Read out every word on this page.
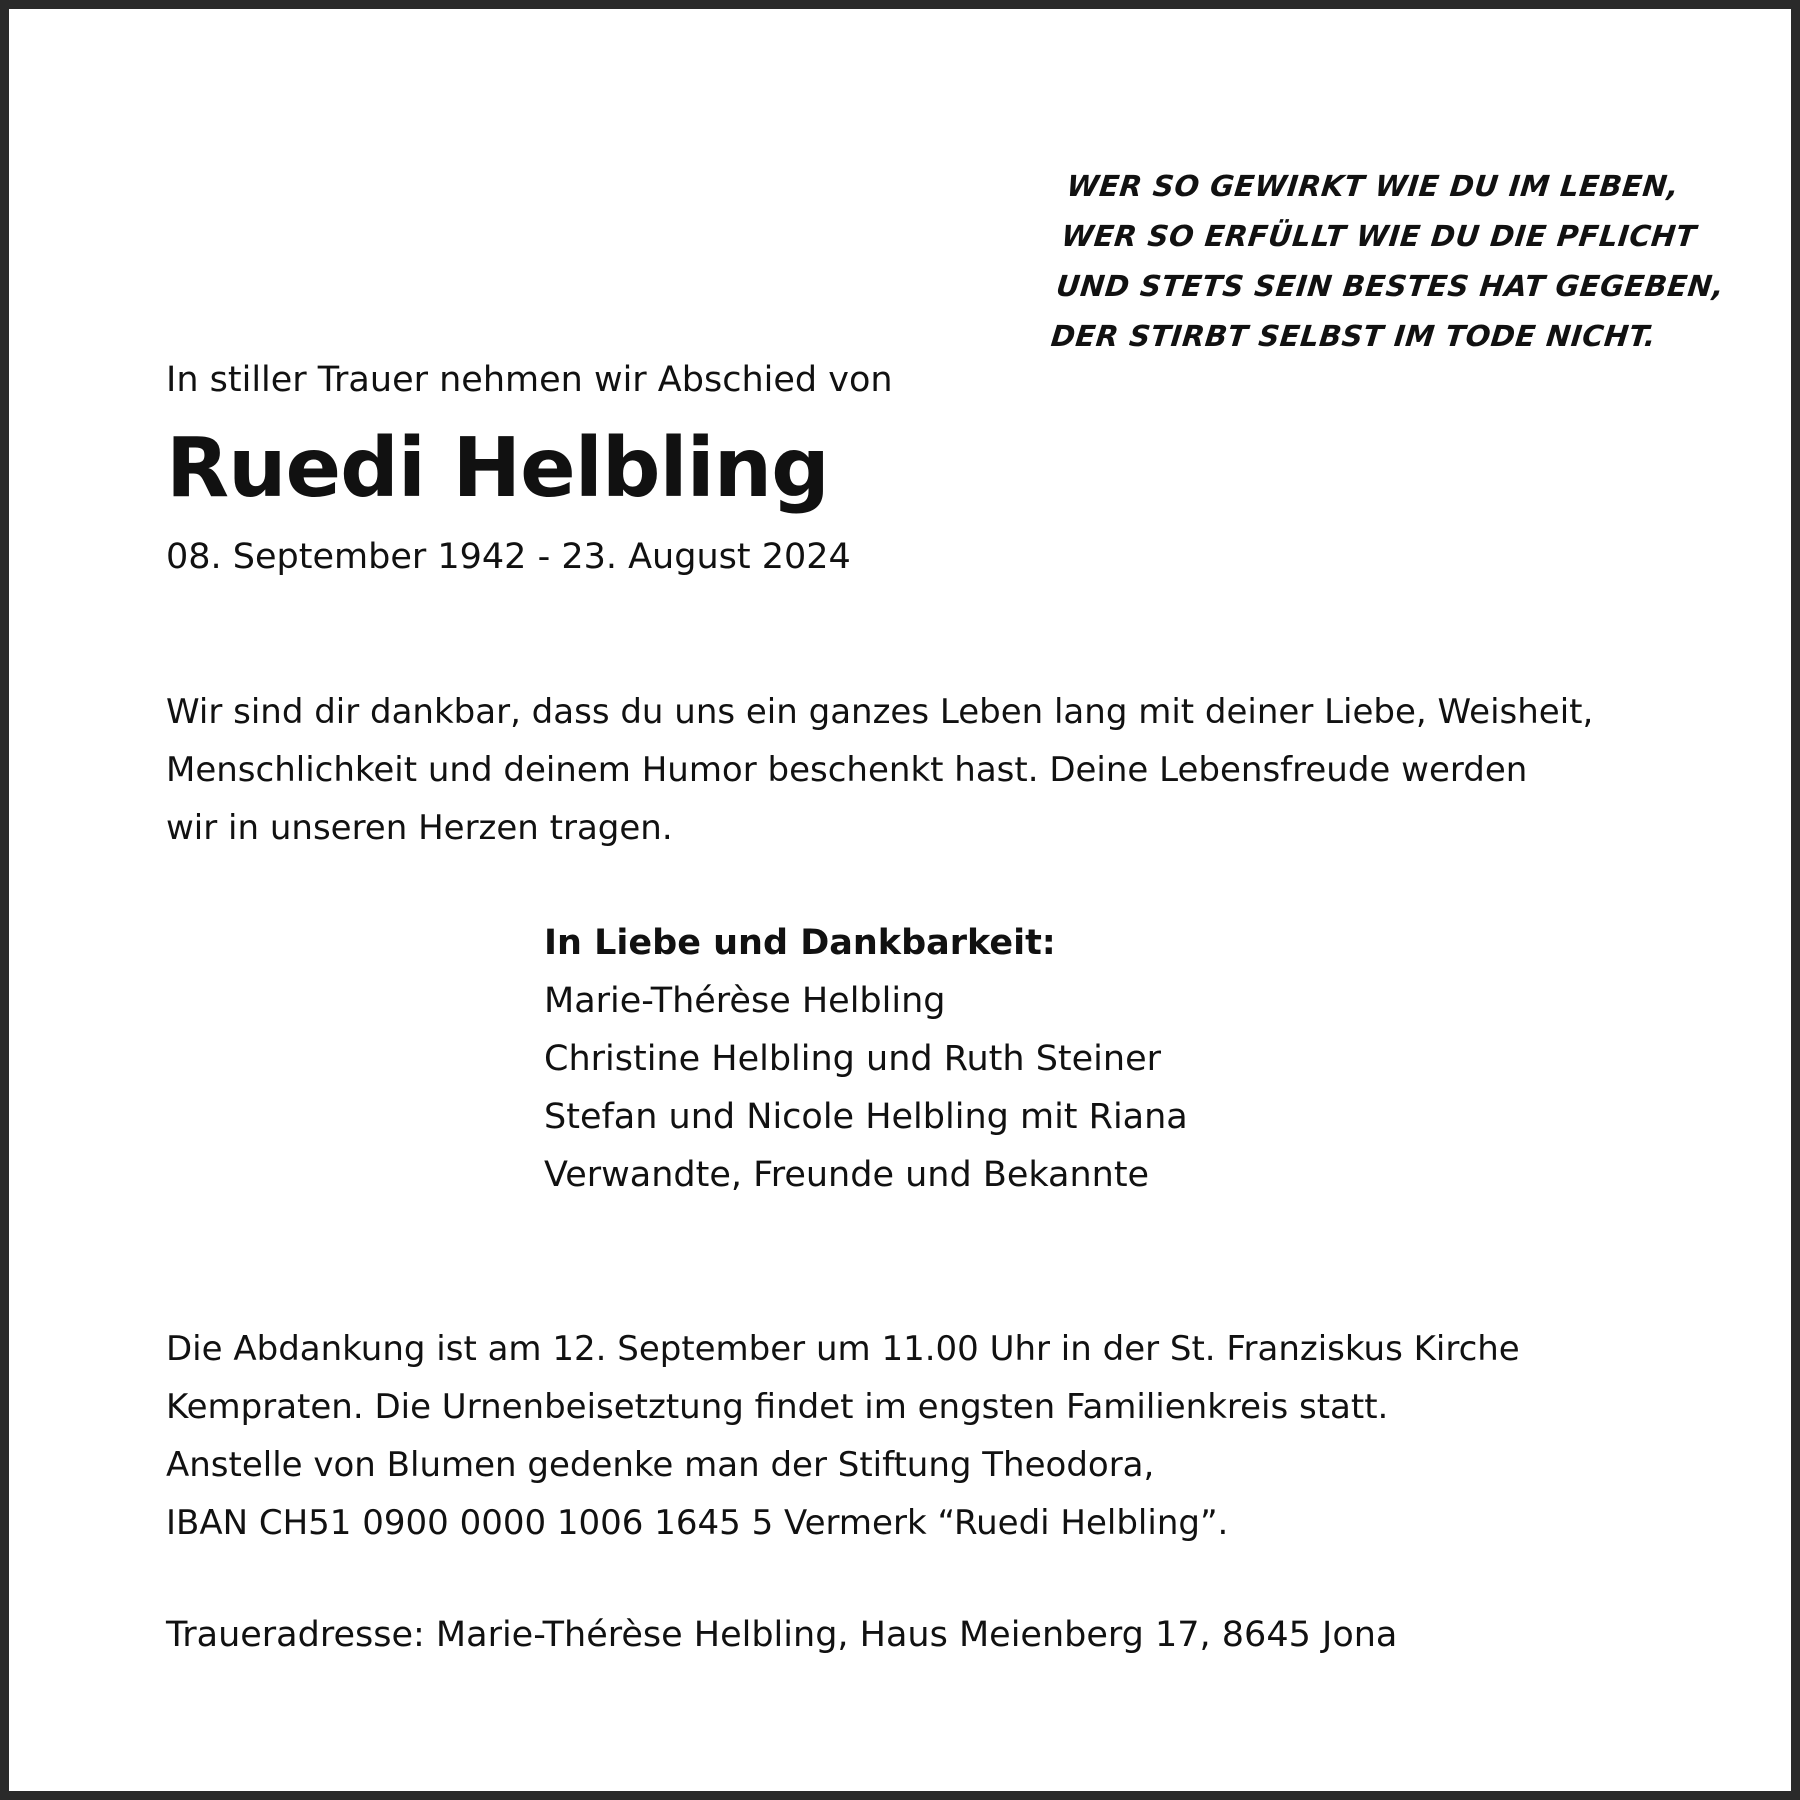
WER SO GEWIRKT WIE DU IM LEBEN,
WER SO ERFÜLLT WIE DU DIE PFLICHT
UND STETS SEIN BESTES HAT GEGEBEN,
DER STIRBT SELBST IM TODE NICHT.
In stiller Trauer nehmen wir Abschied von
Ruedi Helbling
08. September 1942 - 23. August 2024
Wir sind dir dankbar, dass du uns ein ganzes Leben lang mit deiner Liebe, Weisheit,
Menschlichkeit und deinem Humor beschenkt hast. Deine Lebensfreude werden
wir in unseren Herzen tragen.
In Liebe und Dankbarkeit:
Marie-Thérèse Helbling
Christine Helbling und Ruth Steiner
Stefan und Nicole Helbling mit Riana
Verwandte, Freunde und Bekannte
Die Abdankung ist am 12. September um 11.00 Uhr in der St. Franziskus Kirche
Kempraten. Die Urnenbeisetztung findet im engsten Familienkreis statt.
Anstelle von Blumen gedenke man der Stiftung Theodora,
IBAN CH51 0900 0000 1006 1645 5 Vermerk “Ruedi Helbling”.
Traueradresse: Marie-Thérèse Helbling, Haus Meienberg 17, 8645 Jona
